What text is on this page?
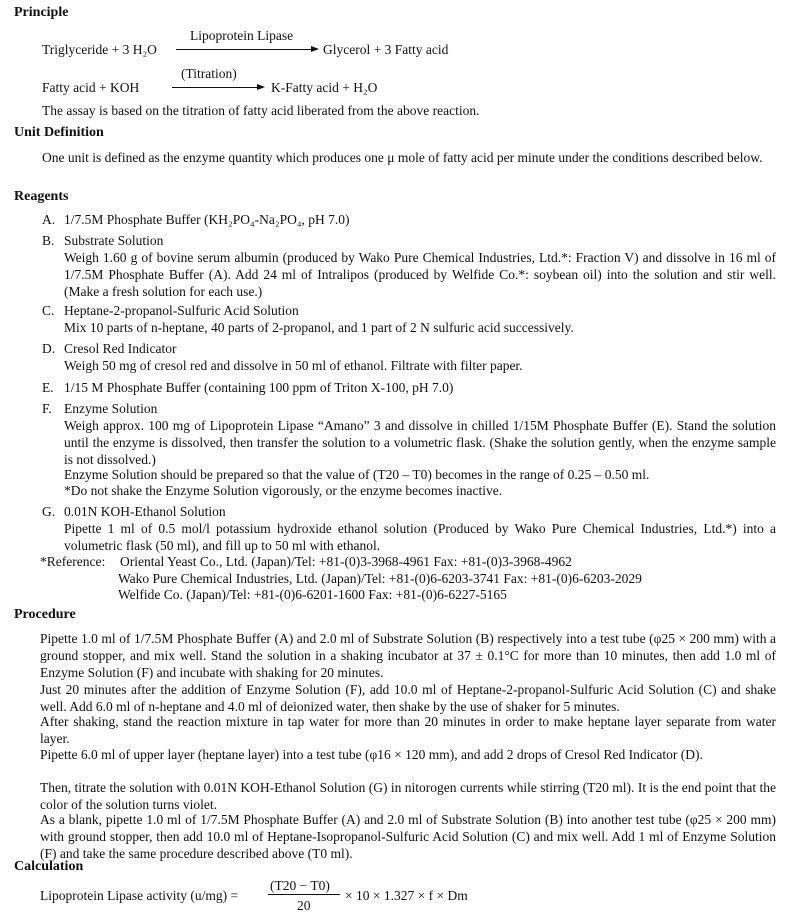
Principle
Lipoprotein Lipase
Triglyceride + 3 H₂O	Glycerol + 3 Fatty acid
(Titration)
Fatty acid + KOH	K-Fatty acid + H₂O
The assay is based on the titration of fatty acid liberated from the above reaction.
Unit Definition
One unit is defined as the enzyme quantity which produces one μ mole of fatty acid per minute under the conditions described below.
Reagents
A. 1/7.5M Phosphate Buffer (KH₂PO₄-Na₂PO₄, pH 7.0)
B. Substrate Solution
Weigh 1.60 g of bovine serum albumin (produced by Wako Pure Chemical Industries, Ltd.*: Fraction V) and dissolve in 16 ml of 1/7.5M Phosphate Buffer (A). Add 24 ml of Intralipos (produced by Welfide Co.*: soybean oil) into the solution and stir well. (Make a fresh solution for each use.)
C. Heptane-2-propanol-Sulfuric Acid Solution
Mix 10 parts of n-heptane, 40 parts of 2-propanol, and 1 part of 2 N sulfuric acid successively.
D. Cresol Red Indicator
Weigh 50 mg of cresol red and dissolve in 50 ml of ethanol. Filtrate with filter paper.
E. 1/15 M Phosphate Buffer (containing 100 ppm of Triton X-100, pH 7.0)
F. Enzyme Solution
Weigh approx. 100 mg of Lipoprotein Lipase “Amano” 3 and dissolve in chilled 1/15M Phosphate Buffer (E). Stand the solution until the enzyme is dissolved, then transfer the solution to a volumetric flask. (Shake the solution gently, when the enzyme sample is not dissolved.)
Enzyme Solution should be prepared so that the value of (T20 – T0) becomes in the range of 0.25 – 0.50 ml.
*Do not shake the Enzyme Solution vigorously, or the enzyme becomes inactive.
G. 0.01N KOH-Ethanol Solution
Pipette 1 ml of 0.5 mol/l potassium hydroxide ethanol solution (Produced by Wako Pure Chemical Industries, Ltd.*) into a volumetric flask (50 ml), and fill up to 50 ml with ethanol.
*Reference: Oriental Yeast Co., Ltd. (Japan)/Tel: +81-(0)3-3968-4961 Fax: +81-(0)3-3968-4962
Wako Pure Chemical Industries, Ltd. (Japan)/Tel: +81-(0)6-6203-3741 Fax: +81-(0)6-6203-2029
Welfide Co. (Japan)/Tel: +81-(0)6-6201-1600 Fax: +81-(0)6-6227-5165
Procedure
Pipette 1.0 ml of 1/7.5M Phosphate Buffer (A) and 2.0 ml of Substrate Solution (B) respectively into a test tube (φ25 × 200 mm) with a ground stopper, and mix well. Stand the solution in a shaking incubator at 37 ± 0.1°C for more than 10 minutes, then add 1.0 ml of Enzyme Solution (F) and incubate with shaking for 20 minutes.
Just 20 minutes after the addition of Enzyme Solution (F), add 10.0 ml of Heptane-2-propanol-Sulfuric Acid Solution (C) and shake well. Add 6.0 ml of n-heptane and 4.0 ml of deionized water, then shake by the use of shaker for 5 minutes.
After shaking, stand the reaction mixture in tap water for more than 20 minutes in order to make heptane layer separate from water layer.
Pipette 6.0 ml of upper layer (heptane layer) into a test tube (φ16 × 120 mm), and add 2 drops of Cresol Red Indicator (D).
Then, titrate the solution with 0.01N KOH-Ethanol Solution (G) in nitorogen currents while stirring (T20 ml). It is the end point that the color of the solution turns violet.
As a blank, pipette 1.0 ml of 1/7.5M Phosphate Buffer (A) and 2.0 ml of Substrate Solution (B) into another test tube (φ25 × 200 mm) with ground stopper, then add 10.0 ml of Heptane-Isopropanol-Sulfuric Acid Solution (C) and mix well. Add 1 ml of Enzyme Solution (F) and take the same procedure described above (T0 ml).
Calculation
Lipoprotein Lipase activity (u/mg) =
(T20 − T0)
20
× 10 × 1.327 × f × Dm
